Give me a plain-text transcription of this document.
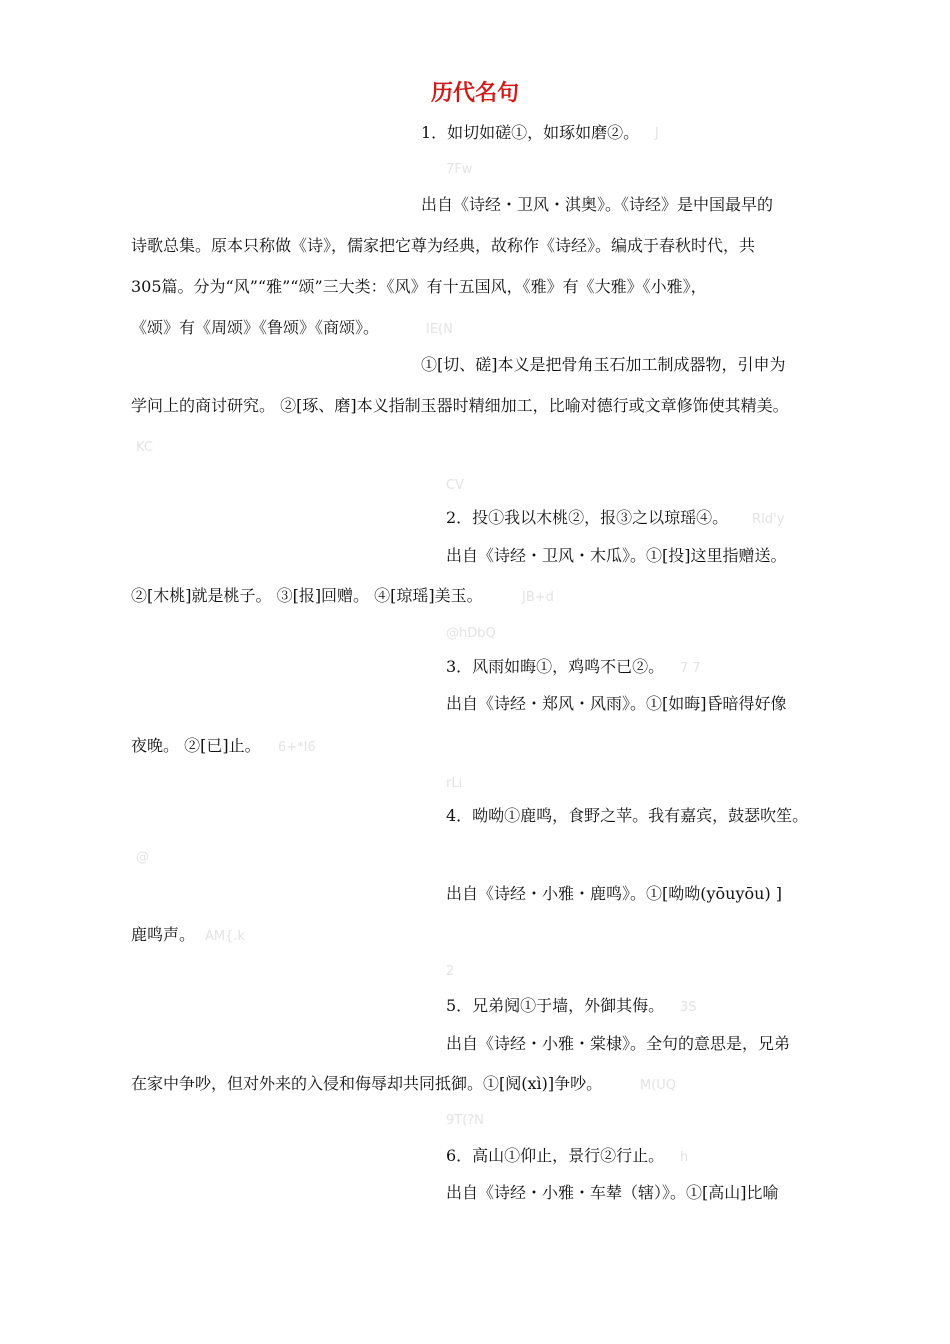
历代名句
1．如切如磋①，如琢如磨②。
出自《诗经・卫风・淇奥》。《诗经》是中国最早的
诗歌总集。原本只称做《诗》，儒家把它尊为经典，故称作《诗经》。编成于春秋时代，共
305篇。分为“风”“雅”“颂”三大类：《风》有十五国风，《雅》有《大雅》《小雅》，
《颂》有《周颂》《鲁颂》《商颂》。
①[切、磋]本义是把骨角玉石加工制成器物，引申为
学问上的商讨研究。 ②[琢、磨]本义指制玉器时精细加工，比喻对德行或文章修饰使其精美。
2．投①我以木桃②，报③之以琼瑶④。
出自《诗经・卫风・木瓜》。①[投]这里指赠送。
②[木桃]就是桃子。 ③[报]回赠。 ④[琼瑶]美玉。
3．风雨如晦①，鸡鸣不已②。
出自《诗经・郑风・风雨》。①[如晦]昏暗得好像
夜晚。 ②[已]止。
4．呦呦①鹿鸣，食野之苹。我有嘉宾，鼓瑟吹笙。
出自《诗经・小雅・鹿鸣》。①[呦呦(yōuyōu) ]
鹿鸣声。
5．兄弟阋①于墙，外御其侮。
出自《诗经・小雅・棠棣》。全句的意思是，兄弟
在家中争吵，但对外来的入侵和侮辱却共同抵御。①[阋(xì)]争吵。
6．高山①仰止，景行②行止。
出自《诗经・小雅・车辇（辖）》。①[高山]比喻
J
7Fw
IE(N
KC
CV
RId'y
JB+d
@hDbQ
7 7
6+*I6
rLi
@
AM{.k
2
3S
M(UQ
9T(?N
h
